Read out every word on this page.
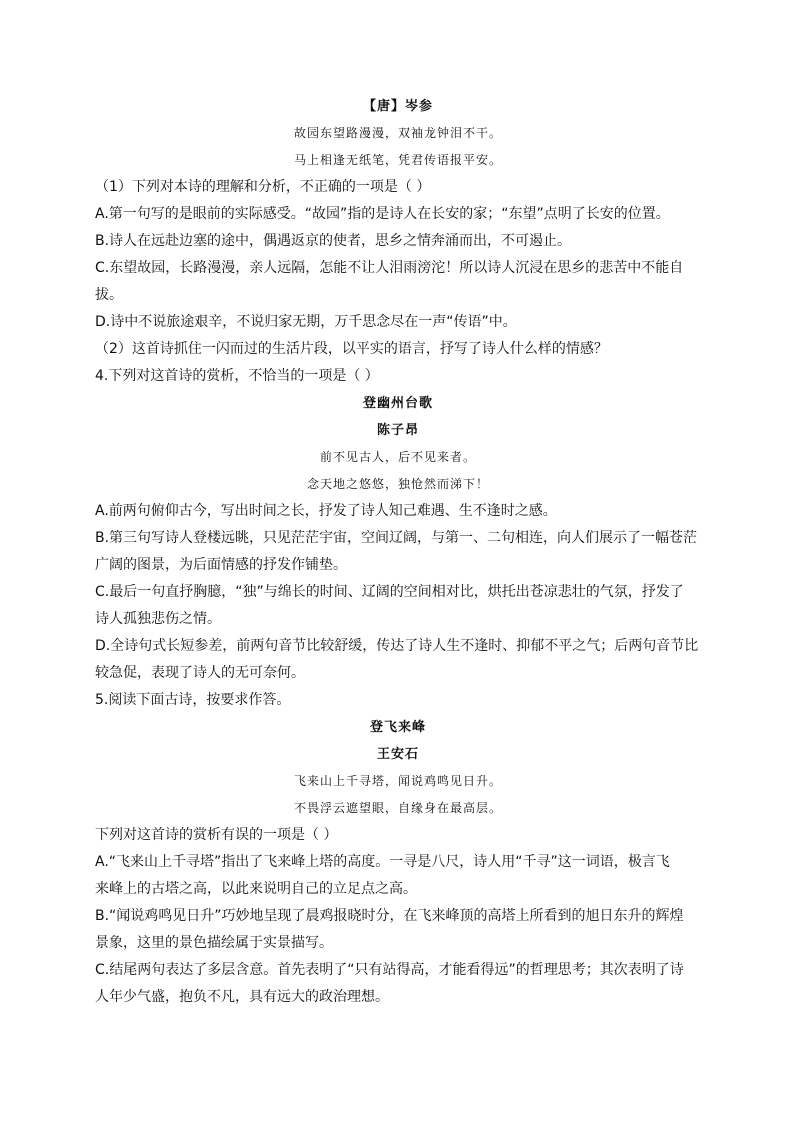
【唐】岑参
故园东望路漫漫，双袖龙钟泪不干。
马上相逢无纸笔，凭君传语报平安。
（1）下列对本诗的理解和分析，不正确的一项是（ ）
A.第一句写的是眼前的实际感受。“故园”指的是诗人在长安的家；“东望”点明了长安的位置。
B.诗人在远赴边塞的途中，偶遇返京的使者，思乡之情奔涌而出，不可遏止。
C.东望故园，长路漫漫，亲人远隔，怎能不让人泪雨滂沱！所以诗人沉浸在思乡的悲苦中不能自
拔。
D.诗中不说旅途艰辛，不说归家无期，万千思念尽在一声“传语”中。
（2）这首诗抓住一闪而过的生活片段，以平实的语言，抒写了诗人什么样的情感？
4.下列对这首诗的赏析，不恰当的一项是（ ）
登幽州台歌
陈子昂
前不见古人，后不见来者。
念天地之悠悠，独怆然而涕下！
A.前两句俯仰古今，写出时间之长，抒发了诗人知己难遇、生不逢时之感。
B.第三句写诗人登楼远眺，只见茫茫宇宙，空间辽阔，与第一、二句相连，向人们展示了一幅苍茫
广阔的图景，为后面情感的抒发作铺垫。
C.最后一句直抒胸臆，“独”与绵长的时间、辽阔的空间相对比，烘托出苍凉悲壮的气氛，抒发了
诗人孤独悲伤之情。
D.全诗句式长短参差，前两句音节比较舒缓，传达了诗人生不逢时、抑郁不平之气；后两句音节比
较急促，表现了诗人的无可奈何。
5.阅读下面古诗，按要求作答。
登飞来峰
王安石
飞来山上千寻塔，闻说鸡鸣见日升。
不畏浮云遮望眼，自缘身在最高层。
下列对这首诗的赏析有误的一项是（ ）
A.“飞来山上千寻塔”指出了飞来峰上塔的高度。一寻是八尺，诗人用“千寻”这一词语，极言飞
来峰上的古塔之高，以此来说明自己的立足点之高。
B.“闻说鸡鸣见日升”巧妙地呈现了晨鸡报晓时分，在飞来峰顶的高塔上所看到的旭日东升的辉煌
景象，这里的景色描绘属于实景描写。
C.结尾两句表达了多层含意。首先表明了“只有站得高，才能看得远”的哲理思考；其次表明了诗
人年少气盛，抱负不凡，具有远大的政治理想。
